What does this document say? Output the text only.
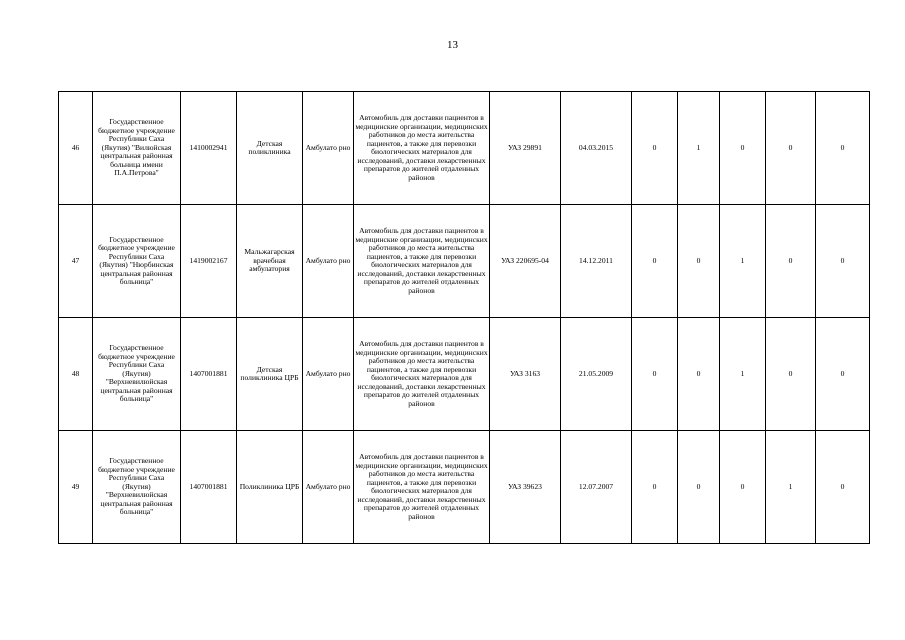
13
46	Государственное бюджетное учреждение Республики Саха (Якутия) "Вилюйская центральная районная больница имени П.А.Петрова"	1410002941	Детская поликлиника	Амбулато рно	Автомобиль для доставки пациентов в медицинские организации, медицинских работников до места жительства пациентов, а также для перевозки биологических материалов для исследований, доставки лекарственных препаратов до жителей отдаленных районов	УАЗ 29891	04.03.2015	0	1	0	0	0
47	Государственное бюджетное учреждение Республики Саха (Якутия) "Нюрбинская центральная районная больница"	1419002167	Мальжагарская врачебная амбулатория	Амбулато рно	Автомобиль для доставки пациентов в медицинские организации, медицинских работников до места жительства пациентов, а также для перевозки биологических материалов для исследований, доставки лекарственных препаратов до жителей отдаленных районов	УАЗ 220695-04	14.12.2011	0	0	1	0	0
48	Государственное бюджетное учреждение Республики Саха (Якутия) "Верхневилюйская центральная районная больница"	1407001881	Детская поликлиника ЦРБ	Амбулато рно	Автомобиль для доставки пациентов в медицинские организации, медицинских работников до места жительства пациентов, а также для перевозки биологических материалов для исследований, доставки лекарственных препаратов до жителей отдаленных районов	УАЗ 3163	21.05.2009	0	0	1	0	0
49	Государственное бюджетное учреждение Республики Саха (Якутия) "Верхневилюйская центральная районная больница"	1407001881	Поликлиника ЦРБ	Амбулато рно	Автомобиль для доставки пациентов в медицинские организации, медицинских работников до места жительства пациентов, а также для перевозки биологических материалов для исследований, доставки лекарственных препаратов до жителей отдаленных районов	УАЗ 39623	12.07.2007	0	0	0	1	0
